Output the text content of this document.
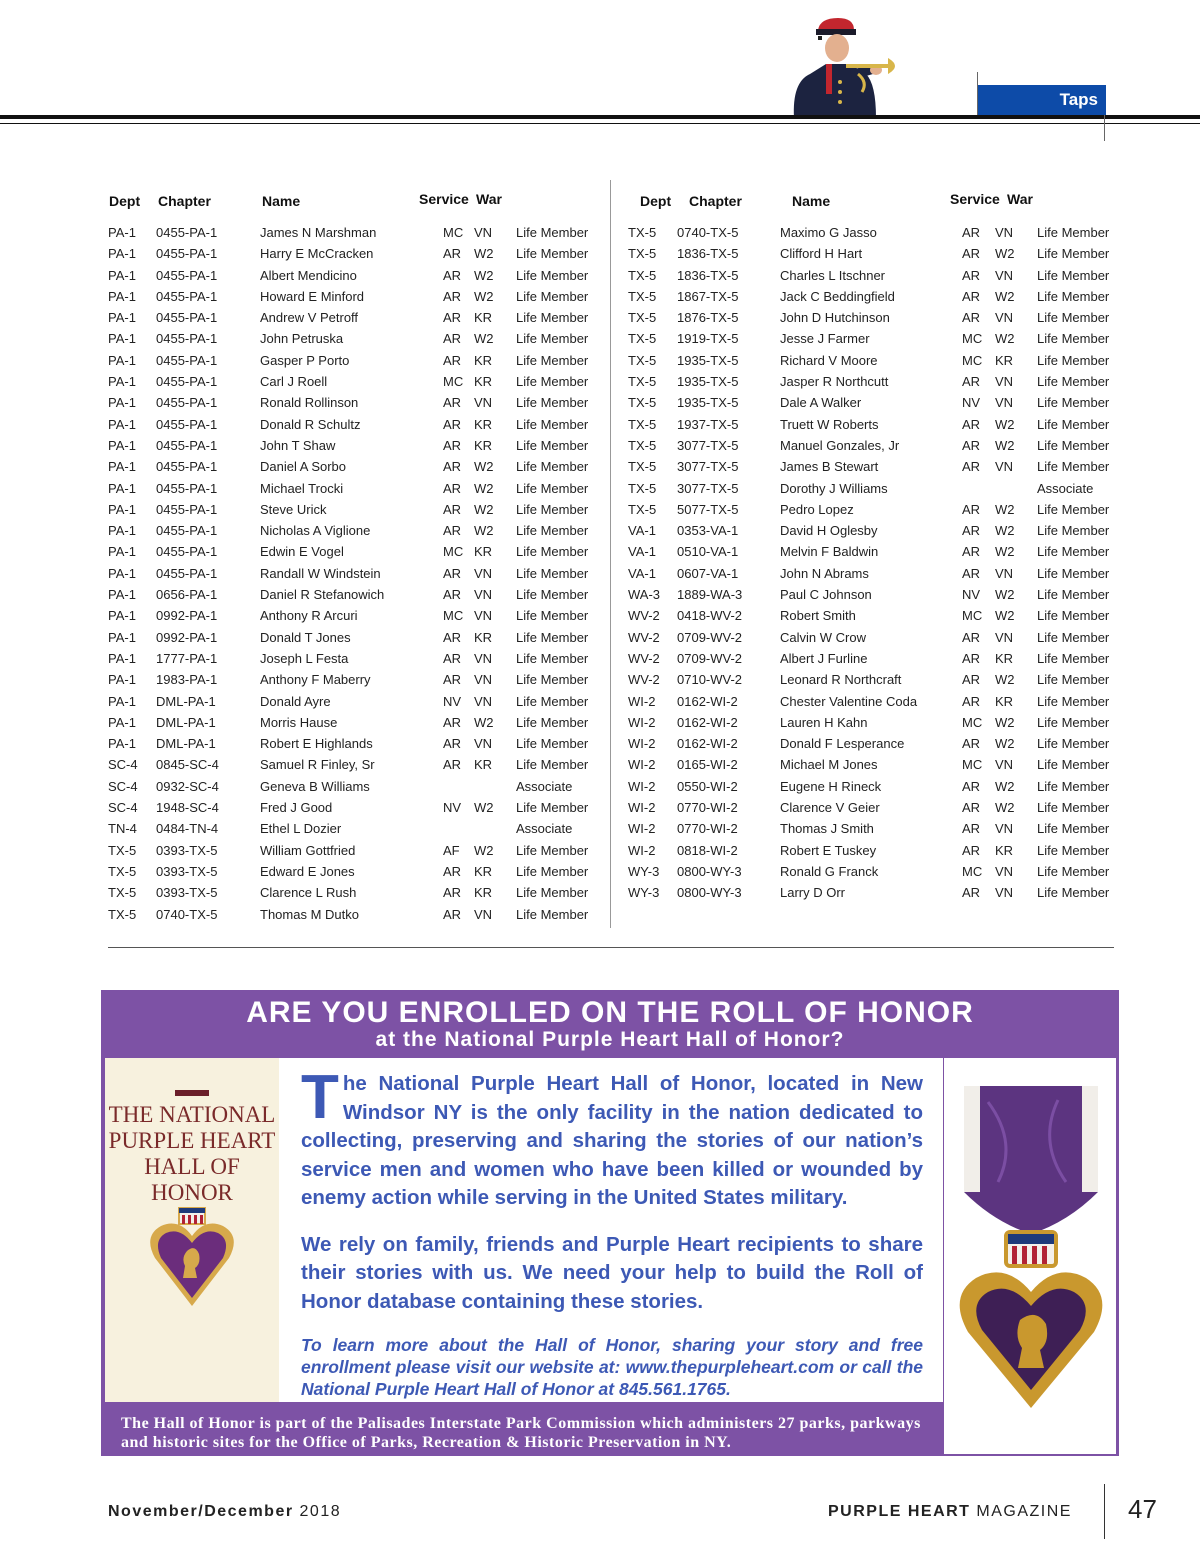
Taps
Dept Chapter	Name	Service War
PA-1 0455-PA-1	James N Marshman	MC VN Life Member
PA-1 0455-PA-1	Harry E McCracken	AR W2 Life Member
PA-1 0455-PA-1	Albert Mendicino	AR W2 Life Member
PA-1 0455-PA-1	Howard E Minford	AR W2 Life Member
PA-1 0455-PA-1	Andrew V Petroff	AR KR Life Member
PA-1 0455-PA-1	John Petruska	AR W2 Life Member
PA-1 0455-PA-1	Gasper P Porto	AR KR Life Member
PA-1 0455-PA-1	Carl J Roell	MC KR Life Member
PA-1 0455-PA-1	Ronald Rollinson	AR VN Life Member
PA-1 0455-PA-1	Donald R Schultz	AR KR Life Member
PA-1 0455-PA-1	John T Shaw	AR KR Life Member
PA-1 0455-PA-1	Daniel A Sorbo	AR W2 Life Member
PA-1 0455-PA-1	Michael Trocki	AR W2 Life Member
PA-1 0455-PA-1	Steve Urick	AR W2 Life Member
PA-1 0455-PA-1	Nicholas A Viglione	AR W2 Life Member
PA-1 0455-PA-1	Edwin E Vogel	MC KR Life Member
PA-1 0455-PA-1	Randall W Windstein	AR VN Life Member
PA-1 0656-PA-1	Daniel R Stefanowich	AR VN Life Member
PA-1 0992-PA-1	Anthony R Arcuri	MC VN Life Member
PA-1 0992-PA-1	Donald T Jones	AR KR Life Member
PA-1 1777-PA-1	Joseph L Festa	AR VN Life Member
PA-1 1983-PA-1	Anthony F Maberry	AR VN Life Member
PA-1 DML-PA-1	Donald Ayre	NV VN Life Member
PA-1 DML-PA-1	Morris Hause	AR W2 Life Member
PA-1 DML-PA-1	Robert E Highlands	AR VN Life Member
SC-4 0845-SC-4	Samuel R Finley, Sr	AR KR Life Member
SC-4 0932-SC-4	Geneva B Williams	Associate
SC-4 1948-SC-4	Fred J Good	NV W2 Life Member
TN-4 0484-TN-4	Ethel L Dozier	Associate
TX-5 0393-TX-5	William Gottfried	AF W2 Life Member
TX-5 0393-TX-5	Edward E Jones	AR KR Life Member
TX-5 0393-TX-5	Clarence L Rush	AR KR Life Member
TX-5 0740-TX-5	Thomas M Dutko	AR VN Life Member
Dept Chapter	Name	Service War
TX-5 0740-TX-5	Maximo G Jasso	AR VN Life Member
TX-5 1836-TX-5	Clifford H Hart	AR W2 Life Member
TX-5 1836-TX-5	Charles L Itschner	AR VN Life Member
TX-5 1867-TX-5	Jack C Beddingfield	AR W2 Life Member
TX-5 1876-TX-5	John D Hutchinson	AR VN Life Member
TX-5 1919-TX-5	Jesse J Farmer	MC W2 Life Member
TX-5 1935-TX-5	Richard V Moore	MC KR Life Member
TX-5 1935-TX-5	Jasper R Northcutt	AR VN Life Member
TX-5 1935-TX-5	Dale A Walker	NV VN Life Member
TX-5 1937-TX-5	Truett W Roberts	AR W2 Life Member
TX-5 3077-TX-5	Manuel Gonzales, Jr	AR W2 Life Member
TX-5 3077-TX-5	James B Stewart	AR VN Life Member
TX-5 3077-TX-5	Dorothy J Williams	Associate
TX-5 5077-TX-5	Pedro Lopez	AR W2 Life Member
VA-1 0353-VA-1	David H Oglesby	AR W2 Life Member
VA-1 0510-VA-1	Melvin F Baldwin	AR W2 Life Member
VA-1 0607-VA-1	John N Abrams	AR VN Life Member
WA-3 1889-WA-3	Paul C Johnson	NV W2 Life Member
WV-2 0418-WV-2	Robert Smith	MC W2 Life Member
WV-2 0709-WV-2	Calvin W Crow	AR VN Life Member
WV-2 0709-WV-2	Albert J Furline	AR KR Life Member
WV-2 0710-WV-2	Leonard R Northcraft	AR W2 Life Member
WI-2 0162-WI-2	Chester Valentine Coda	AR KR Life Member
WI-2 0162-WI-2	Lauren H Kahn	MC W2 Life Member
WI-2 0162-WI-2	Donald F Lesperance	AR W2 Life Member
WI-2 0165-WI-2	Michael M Jones	MC VN Life Member
WI-2 0550-WI-2	Eugene H Rineck	AR W2 Life Member
WI-2 0770-WI-2	Clarence V Geier	AR W2 Life Member
WI-2 0770-WI-2	Thomas J Smith	AR VN Life Member
WI-2 0818-WI-2	Robert E Tuskey	AR KR Life Member
WY-3 0800-WY-3	Ronald G Franck	MC VN Life Member
WY-3 0800-WY-3	Larry D Orr	AR VN Life Member
ARE YOU ENROLLED ON THE ROLL OF HONOR
at the National Purple Heart Hall of Honor?
THE NATIONAL PURPLE HEART HALL OF HONOR

The National Purple Heart Hall of Honor, located in New Windsor NY is the only facility in the nation dedicated to collecting, preserving and sharing the stories of our nation’s service men and women who have been killed or wounded by enemy action while serving in the United States military.

We rely on family, friends and Purple Heart recipients to share their stories with us. We need your help to build the Roll of Honor database containing these stories.

To learn more about the Hall of Honor, sharing your story and free enrollment please visit our website at: www.thepurpleheart.com or call the National Purple Heart Hall of Honor at 845.561.1765.

The Hall of Honor is part of the Palisades Interstate Park Commission which administers 27 parks, parkways and historic sites for the Office of Parks, Recreation & Historic Preservation in NY.
November/December 2018	PURPLE HEART MAGAZINE 47
